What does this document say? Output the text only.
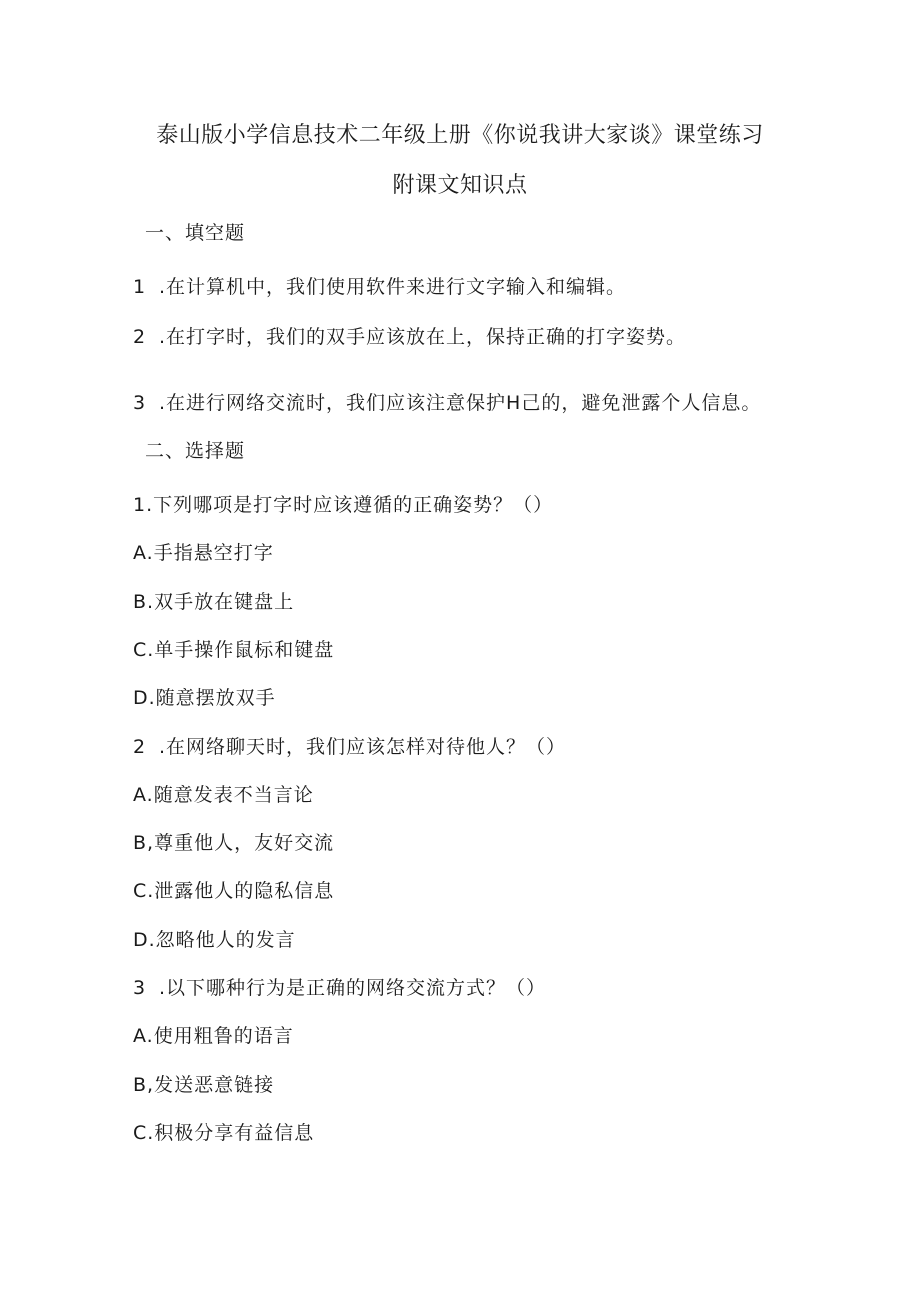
泰山版小学信息技术二年级上册《你说我讲大家谈》课堂练习
附课文知识点
一、填空题
1 .在计算机中，我们使用软件来进行文字输入和编辑。
2 .在打字时，我们的双手应该放在上，保持正确的打字姿势。
3 .在进行网络交流时，我们应该注意保护H己的，避免泄露个人信息。
二、选择题
1.下列哪项是打字时应该遵循的正确姿势？（）
A.手指悬空打字
B.双手放在键盘上
C.单手操作鼠标和键盘
D.随意摆放双手
2 .在网络聊天时，我们应该怎样对待他人？（）
A.随意发表不当言论
B,尊重他人，友好交流
C.泄露他人的隐私信息
D.忽略他人的发言
3 .以下哪种行为是正确的网络交流方式？（）
A.使用粗鲁的语言
B,发送恶意链接
C.积极分享有益信息
